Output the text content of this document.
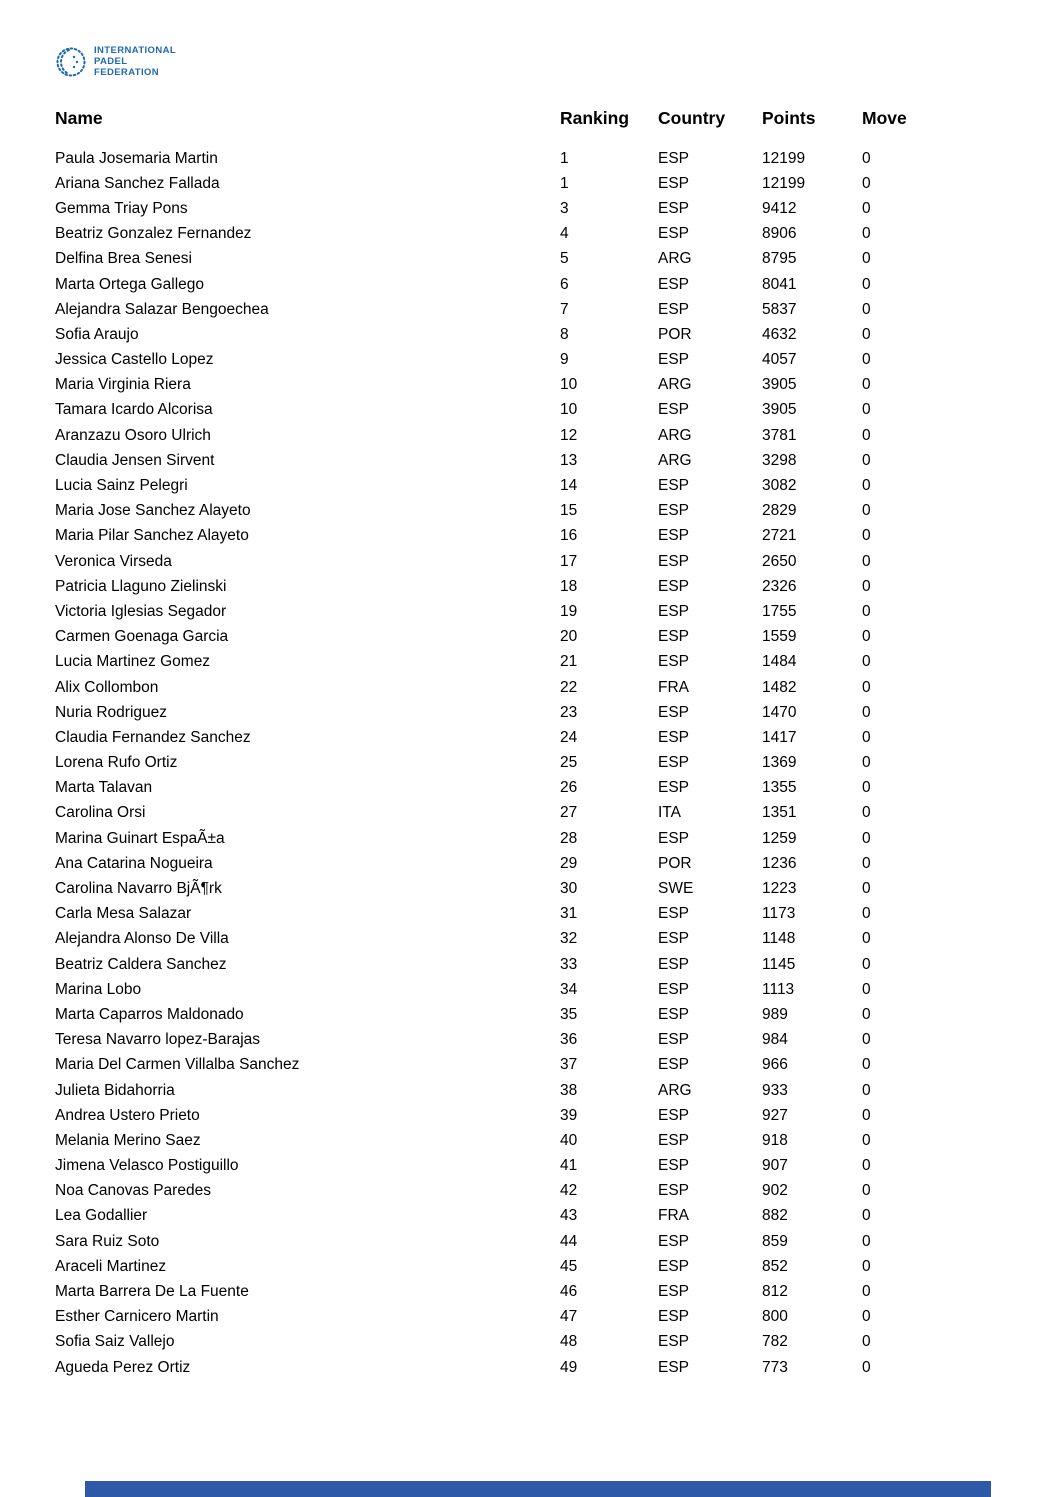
INTERNATIONAL
PADEL
FEDERATION
Name	Ranking	Country	Points	Move
Paula Josemaria Martin	1	ESP	12199	0
Ariana Sanchez Fallada	1	ESP	12199	0
Gemma Triay Pons	3	ESP	9412	0
Beatriz Gonzalez Fernandez	4	ESP	8906	0
Delfina Brea Senesi	5	ARG	8795	0
Marta Ortega Gallego	6	ESP	8041	0
Alejandra Salazar Bengoechea	7	ESP	5837	0
Sofia Araujo	8	POR	4632	0
Jessica Castello Lopez	9	ESP	4057	0
Maria Virginia Riera	10	ARG	3905	0
Tamara Icardo Alcorisa	10	ESP	3905	0
Aranzazu Osoro Ulrich	12	ARG	3781	0
Claudia Jensen Sirvent	13	ARG	3298	0
Lucia Sainz Pelegri	14	ESP	3082	0
Maria Jose Sanchez Alayeto	15	ESP	2829	0
Maria Pilar Sanchez Alayeto	16	ESP	2721	0
Veronica Virseda	17	ESP	2650	0
Patricia Llaguno Zielinski	18	ESP	2326	0
Victoria Iglesias Segador	19	ESP	1755	0
Carmen Goenaga Garcia	20	ESP	1559	0
Lucia Martinez Gomez	21	ESP	1484	0
Alix Collombon	22	FRA	1482	0
Nuria Rodriguez	23	ESP	1470	0
Claudia Fernandez Sanchez	24	ESP	1417	0
Lorena Rufo Ortiz	25	ESP	1369	0
Marta Talavan	26	ESP	1355	0
Carolina Orsi	27	ITA	1351	0
Marina Guinart EspaÃ±a	28	ESP	1259	0
Ana Catarina Nogueira	29	POR	1236	0
Carolina Navarro BjÃ¶rk	30	SWE	1223	0
Carla Mesa Salazar	31	ESP	1173	0
Alejandra Alonso De Villa	32	ESP	1148	0
Beatriz Caldera Sanchez	33	ESP	1145	0
Marina Lobo	34	ESP	1113	0
Marta Caparros Maldonado	35	ESP	989	0
Teresa Navarro lopez-Barajas	36	ESP	984	0
Maria Del Carmen Villalba Sanchez	37	ESP	966	0
Julieta Bidahorria	38	ARG	933	0
Andrea Ustero Prieto	39	ESP	927	0
Melania Merino Saez	40	ESP	918	0
Jimena Velasco Postiguillo	41	ESP	907	0
Noa Canovas Paredes	42	ESP	902	0
Lea Godallier	43	FRA	882	0
Sara Ruiz Soto	44	ESP	859	0
Araceli Martinez	45	ESP	852	0
Marta Barrera De La Fuente	46	ESP	812	0
Esther Carnicero Martin	47	ESP	800	0
Sofia Saiz Vallejo	48	ESP	782	0
Agueda Perez Ortiz	49	ESP	773	0
